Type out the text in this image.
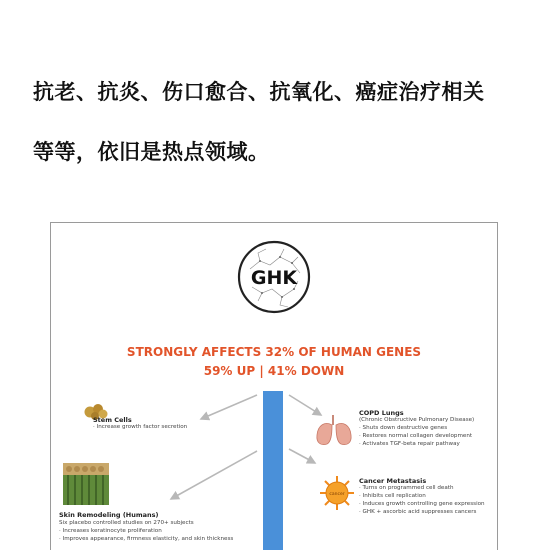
抗老、抗炎、伤口愈合、抗氧化、癌症治疗相关
等等，依旧是热点领域。
GHK
STRONGLY AFFECTS 32% OF HUMAN GENES
59% UP | 41% DOWN
Stem Cells
· Increase growth factor secretion
Skin Remodeling (Humans)
Six placebo controlled studies on 270+ subjects
· Increases keratinocyte proliferation
· Improves appearance, firmness elasticity, and skin thickness
COPD Lungs
(Chronic Obstructive Pulmonary Disease)
· Shuts down destructive genes
· Restores normal collagen development
· Activates TGF-beta repair pathway
cancer
Cancer Metastasis
· Turns on programmed cell death
· Inhibits cell replication
· Induces growth controlling gene expression
· GHK + ascorbic acid suppresses cancers
